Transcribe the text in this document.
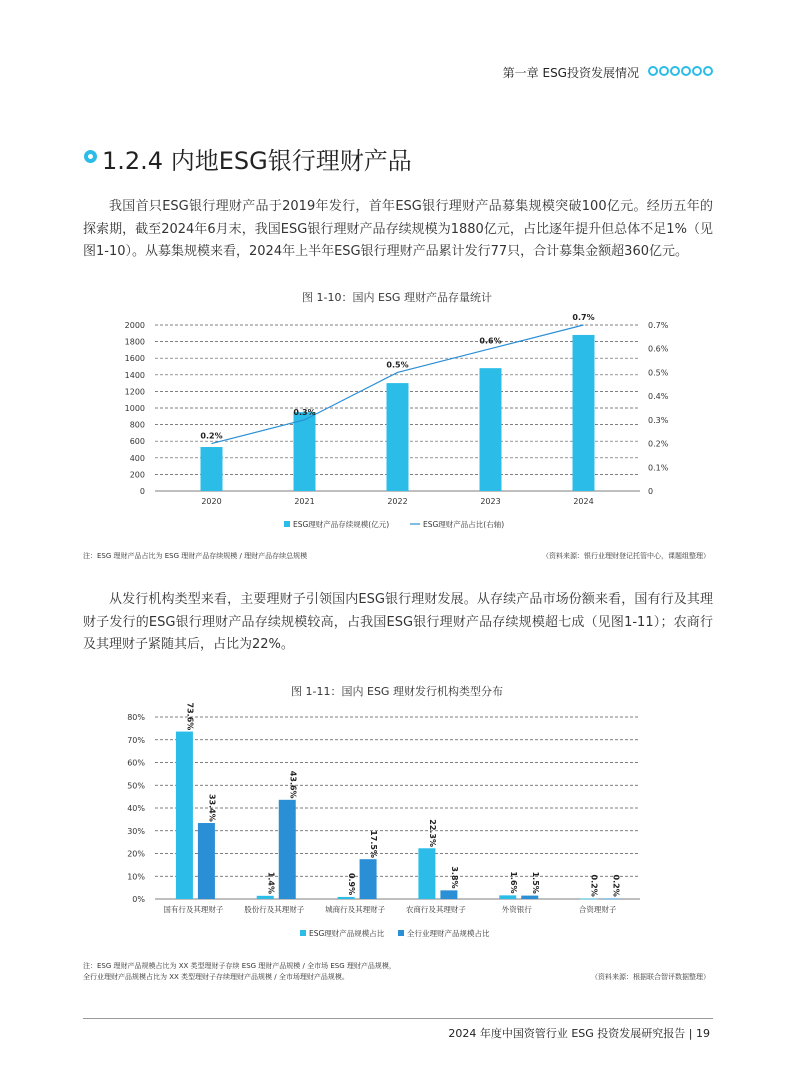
第一章 ESG投资发展情况
1.2.4 内地ESG银行理财产品

我国首只ESG银行理财产品于2019年发行，首年ESG银行理财产品募集规模突破100亿元。经历五年的探索期，截至2024年6月末，我国ESG银行理财产品存续规模为1880亿元，占比逐年提升但总体不足1%（见图1-10）。从募集规模来看，2024年上半年ESG银行理财产品累计发行77只，合计募集金额超360亿元。

图 1-10：国内 ESG 理财产品存量统计
0
200
400
600
800
1000
1200
1400
1600
1800
2000
0
0.1%
0.2%
0.3%
0.4%
0.5%
0.6%
0.7%
2020	2021	2022	2023	2024
0.2%
0.3%
0.5%
0.6%
0.7%
ESG理财产品存续规模(亿元)	ESG理财产品占比(右轴)
注：ESG 理财产品占比为 ESG 理财产品存续规模 / 理财产品存续总规模	（资料来源：银行业理财登记托管中心，课题组整理）

从发行机构类型来看，主要理财子引领国内ESG银行理财发展。从存续产品市场份额来看，国有行及其理财子发行的ESG银行理财产品存续规模较高，占我国ESG银行理财产品存续规模超七成（见图1-11）；农商行及其理财子紧随其后，占比为22%。

图 1-11：国内 ESG 理财发行机构类型分布
0%
10%
20%
30%
40%
50%
60%
70%
80%	73.6%
1.4%	0.9%
22.3%
1.6%	0.2%
33.4%
43.6%
17.5%
3.8%	1.5%	0.2%
国有行及其理财子	股份行及其理财子	城商行及其理财子	农商行及其理财子	外资银行	合资理财子
ESG理财产品规模占比	全行业理财产品规模占比
注：ESG 理财产品规模占比为 XX 类型理财子存续 ESG 理财产品规模 / 全市场 ESG 理财产品规模，
全行业理财产品规模占比为 XX 类型理财子存续理财产品规模 / 全市场理财产品规模。	（资料来源：根据联合智评数据整理）
2024 年度中国资管行业 ESG 投资发展研究报告 | 19
